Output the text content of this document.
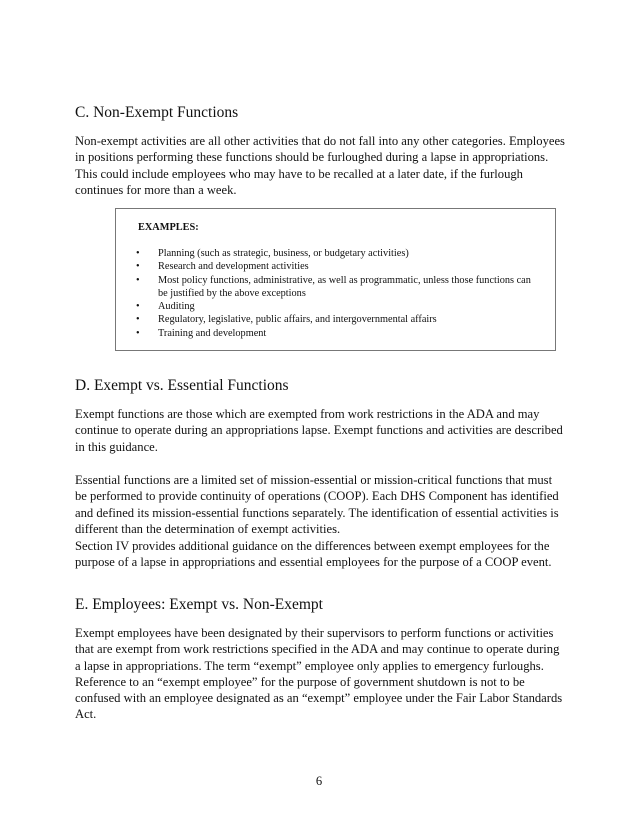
C. Non-Exempt Functions

Non-exempt activities are all other activities that do not fall into any other categories. Employees in positions performing these functions should be furloughed during a lapse in appropriations. This could include employees who may have to be recalled at a later date, if the furlough continues for more than a week.

EXAMPLES:
•	Planning (such as strategic, business, or budgetary activities)
•	Research and development activities
•	Most policy functions, administrative, as well as programmatic, unless those functions can be justified by the above exceptions
•	Auditing
•	Regulatory, legislative, public affairs, and intergovernmental affairs
•	Training and development
D. Exempt vs. Essential Functions

Exempt functions are those which are exempted from work restrictions in the ADA and may continue to operate during an appropriations lapse. Exempt functions and activities are described in this guidance.

Essential functions are a limited set of mission-essential or mission-critical functions that must be performed to provide continuity of operations (COOP). Each DHS Component has identified and defined its mission-essential functions separately. The identification of essential activities is different than the determination of exempt activities.

Section IV provides additional guidance on the differences between exempt employees for the purpose of a lapse in appropriations and essential employees for the purpose of a COOP event.

E. Employees: Exempt vs. Non-Exempt

Exempt employees have been designated by their supervisors to perform functions or activities that are exempt from work restrictions specified in the ADA and may continue to operate during a lapse in appropriations. The term “exempt” employee only applies to emergency furloughs. Reference to an “exempt employee” for the purpose of government shutdown is not to be confused with an employee designated as an “exempt” employee under the Fair Labor Standards Act.

6
